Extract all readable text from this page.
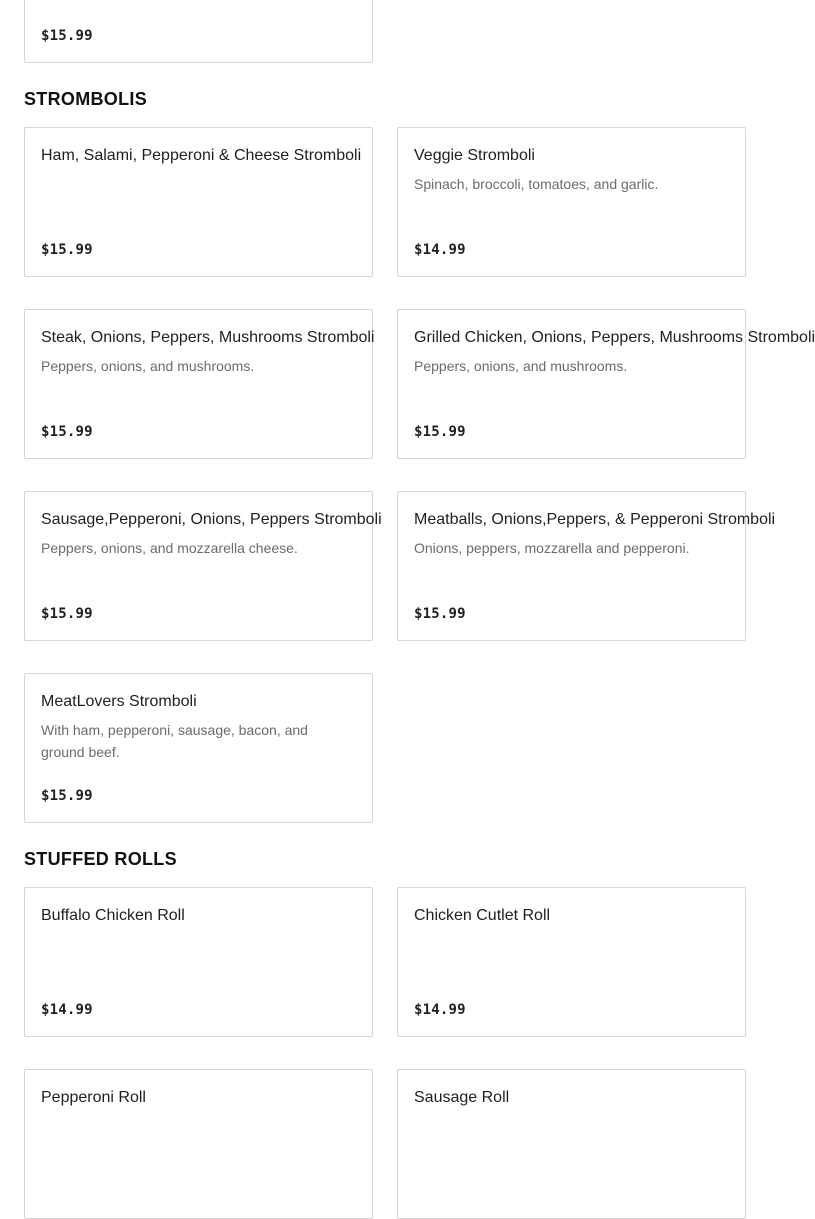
$15.99
STROMBOLIS
Ham, Salami, Pepperoni & Cheese Stromboli
$15.99
Veggie Stromboli
Spinach, broccoli, tomatoes, and garlic.
$14.99
Steak, Onions, Peppers, Mushrooms Stromboli
Peppers, onions, and mushrooms.
$15.99
Grilled Chicken, Onions, Peppers, Mushrooms Stromboli
Peppers, onions, and mushrooms.
$15.99
Sausage,Pepperoni, Onions, Peppers Stromboli
Peppers, onions, and mozzarella cheese.
$15.99
Meatballs, Onions,Peppers, & Pepperoni Stromboli
Onions, peppers, mozzarella and pepperoni.
$15.99
MeatLovers Stromboli
With ham, pepperoni, sausage, bacon, and ground beef.
$15.99
STUFFED ROLLS
Buffalo Chicken Roll
$14.99
Chicken Cutlet Roll
$14.99
Pepperoni Roll	Sausage Roll
